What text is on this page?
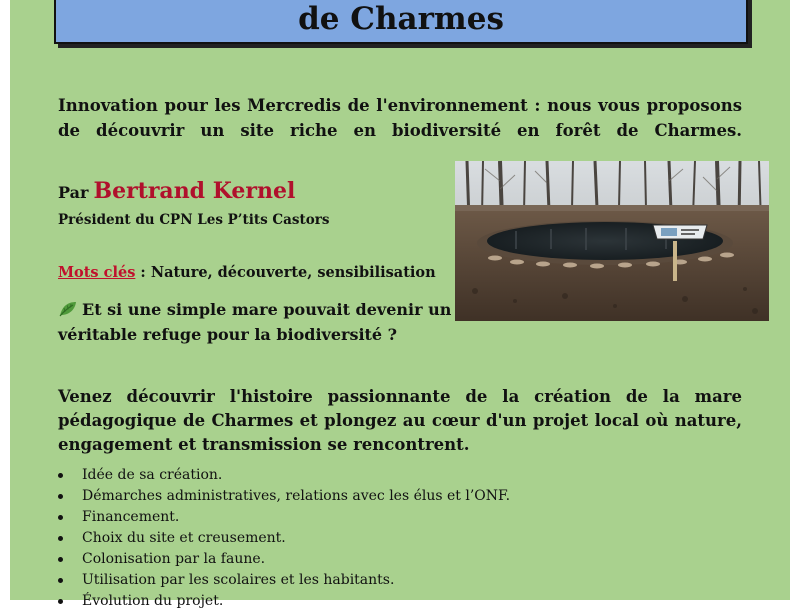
de Charmes
Innovation pour les Mercredis de l'environnement : nous vous proposons de découvrir un site riche en biodiversité en forêt de Charmes.
Par Bertrand Kernel
Président du CPN Les P’tits Castors
Mots clés : Nature, découverte, sensibilisation
Et si une simple mare pouvait devenir un véritable refuge pour la biodiversité ?
Venez découvrir l'histoire passionnante de la création de la mare pédagogique de Charmes et plongez au cœur d'un projet local où nature, engagement et transmission se rencontrent.
Idée de sa création.
Démarches administratives, relations avec les élus et l’ONF.
Financement.
Choix du site et creusement.
Colonisation par la faune.
Utilisation par les scolaires et les habitants.
Évolution du projet.
